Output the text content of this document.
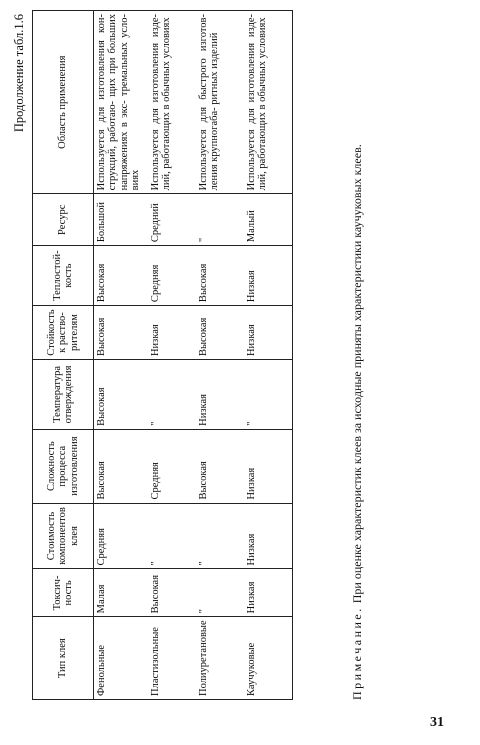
Продолжение табл.1.6
Тип клея	Токсич- ность	Стоимость компонентов клея	Сложность процесса изготовления	Температура отверждения	Стойкость к раство- рителям	Теплостой- кость	Ресурс	Область применения
Фенольные	Малая	Средняя	Высокая	Высокая	Высокая	Высокая	Большой	Используется для изготовления кон- струкций, работаю- щих при больших напряжениях в экс- тремальных усло- виях
Пластизольные	Высокая	"	Средняя	"	Низкая	Средняя	Средний	Используется для изготовления изде- лий, работающих в обычных условиях
Полиуретановые	"	"	Высокая	Низкая	Высокая	Высокая	"	Используется для быстрого изготов- ления крупногаба- ритных изделий
Каучуковые	Низкая	Низкая	Низкая	"	Низкая	Низкая	Малый	Используется для изготовления изде- лий, работающих в обычных условиях
Примечание. При оценке характеристик клеев за исходные приняты характеристики каучуковых клеев.
31
